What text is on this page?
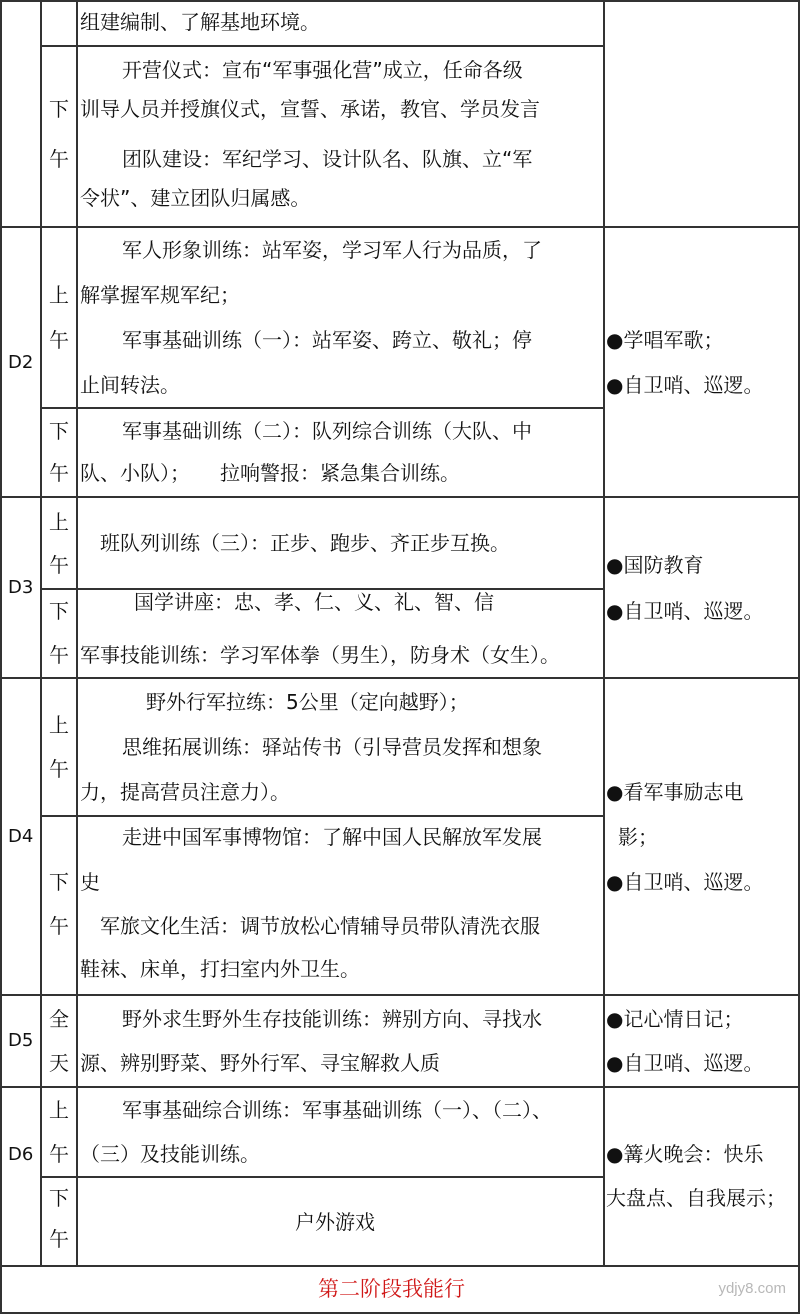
组建编制、了解基地环境。
下
午
开营仪式：宣布“军事强化营”成立，任命各级
训导人员并授旗仪式，宣誓、承诺，教官、学员发言
团队建设：军纪学习、设计队名、队旗、立“军
令状”、建立团队归属感。
D2
上
午
军人形象训练：站军姿，学习军人行为品质，了
解掌握军规军纪；
军事基础训练（一）：站军姿、跨立、敬礼；停
止间转法。
下
午
军事基础训练（二）：队列综合训练（大队、中
队、小队）；　　拉响警报：紧急集合训练。
●学唱军歌；
●自卫哨、巡逻。
D3
上
午
班队列训练（三）：正步、跑步、齐正步互换。
下
午
国学讲座：忠、孝、仁、义、礼、智、信
军事技能训练：学习军体拳（男生），防身术（女生）。
●国防教育
●自卫哨、巡逻。
D4
上
午
野外行军拉练：5公里（定向越野）；
思维拓展训练：驿站传书（引导营员发挥和想象
力，提高营员注意力）。
下
午
走进中国军事博物馆：了解中国人民解放军发展
史
军旅文化生活：调节放松心情辅导员带队清洗衣服
鞋袜、床单，打扫室内外卫生。
●看军事励志电
影；
●自卫哨、巡逻。
D5
全
天
野外求生野外生存技能训练：辨别方向、寻找水
源、辨别野菜、野外行军、寻宝解救人质
●记心情日记；
●自卫哨、巡逻。
D6
上
午
军事基础综合训练：军事基础训练（一）、（二）、
（三）及技能训练。
下
午
户外游戏
●篝火晚会：快乐
大盘点、自我展示；
第二阶段我能行	ydjy8.com
